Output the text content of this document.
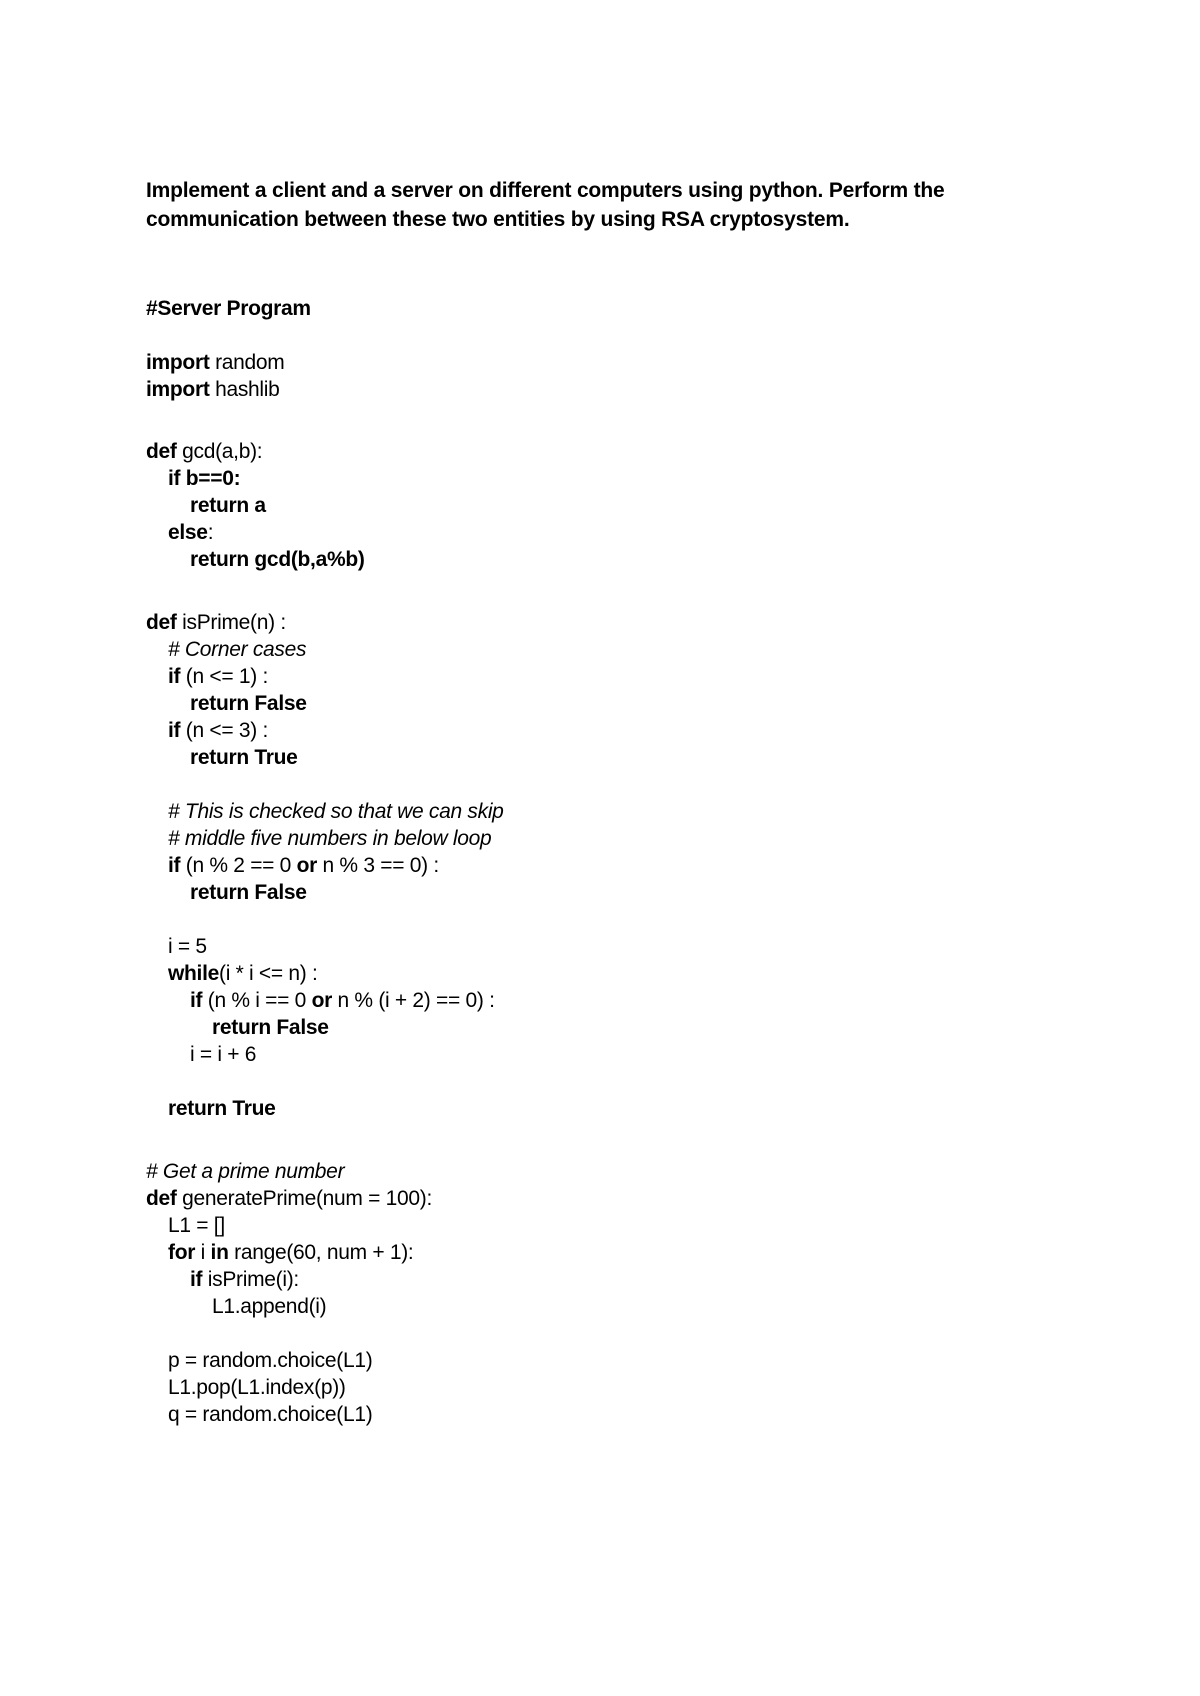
Implement a client and a server on different computers using python. Perform the

communication between these two entities by using RSA cryptosystem.

#Server Program
import random
import hashlib
def gcd(a,b):
if b==0:
return a
else:
return gcd(b,a%b)
def isPrime(n) :
# Corner cases
if (n <= 1) :
return False
if (n <= 3) :
return True
# This is checked so that we can skip
# middle five numbers in below loop
if (n % 2 == 0 or n % 3 == 0) :
return False
i = 5
while(i * i <= n) :
if (n % i == 0 or n % (i + 2) == 0) :
return False
i = i + 6
return True
# Get a prime number
def generatePrime(num = 100):
L1 = []
for i in range(60, num + 1):
if isPrime(i):
L1.append(i)
p = random.choice(L1)
L1.pop(L1.index(p))
q = random.choice(L1)
